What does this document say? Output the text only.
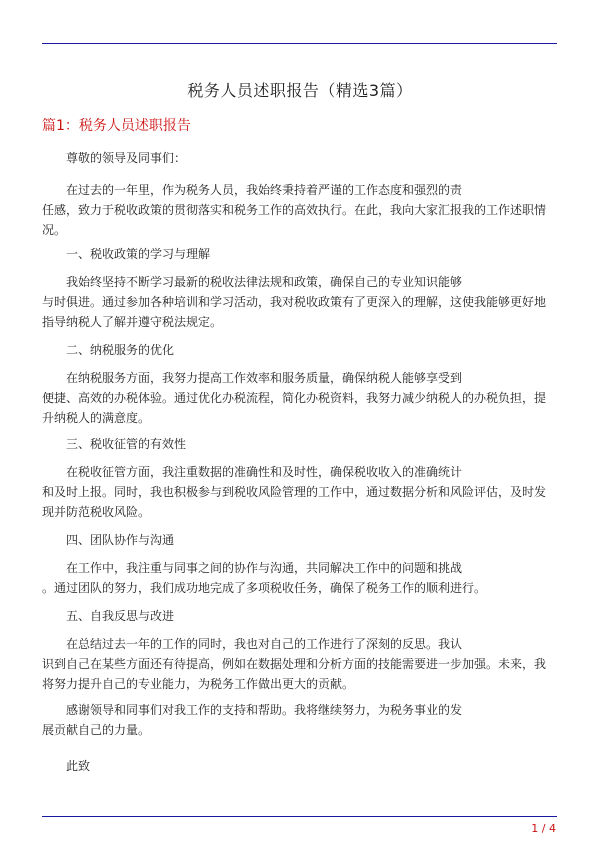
税务人员述职报告（精选3篇）
篇1：税务人员述职报告

尊敬的领导及同事们：

在过去的一年里，作为税务人员，我始终秉持着严谨的工作态度和强烈的责
任感，致力于税收政策的贯彻落实和税务工作的高效执行。在此，我向大家汇报我的工作述职情
况。

一、税收政策的学习与理解

我始终坚持不断学习最新的税收法律法规和政策，确保自己的专业知识能够
与时俱进。通过参加各种培训和学习活动，我对税收政策有了更深入的理解，这使我能够更好地
指导纳税人了解并遵守税法规定。

二、纳税服务的优化

在纳税服务方面，我努力提高工作效率和服务质量，确保纳税人能够享受到
便捷、高效的办税体验。通过优化办税流程，简化办税资料，我努力减少纳税人的办税负担，提
升纳税人的满意度。

三、税收征管的有效性

在税收征管方面，我注重数据的准确性和及时性，确保税收收入的准确统计
和及时上报。同时，我也积极参与到税收风险管理的工作中，通过数据分析和风险评估，及时发
现并防范税收风险。

四、团队协作与沟通

在工作中，我注重与同事之间的协作与沟通，共同解决工作中的问题和挑战
。通过团队的努力，我们成功地完成了多项税收任务，确保了税务工作的顺利进行。

五、自我反思与改进

在总结过去一年的工作的同时，我也对自己的工作进行了深刻的反思。我认
识到自己在某些方面还有待提高，例如在数据处理和分析方面的技能需要进一步加强。未来，我
将努力提升自己的专业能力，为税务工作做出更大的贡献。

感谢领导和同事们对我工作的支持和帮助。我将继续努力，为税务事业的发
展贡献自己的力量。

此致

1 / 4
